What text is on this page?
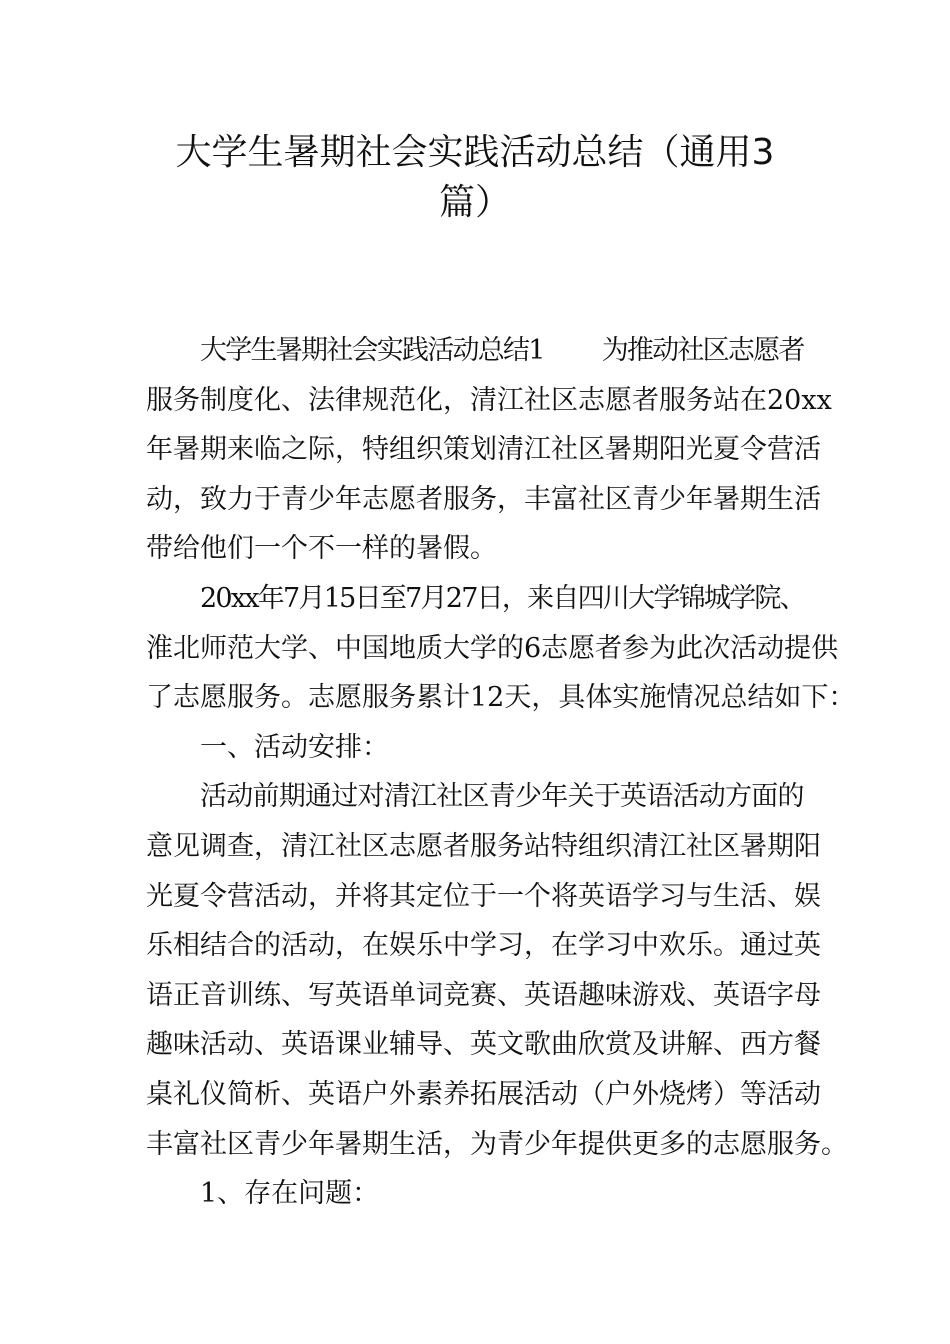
大学生暑期社会实践活动总结（通用3
篇）
大学生暑期社会实践活动总结1 为推动社区志愿者
服务制度化、法律规范化，清江社区志愿者服务站在20xx
年暑期来临之际，特组织策划清江社区暑期阳光夏令营活
动，致力于青少年志愿者服务，丰富社区青少年暑期生活
带给他们一个不一样的暑假。
20xx年7月15日至7月27日，来自四川大学锦城学院、
淮北师范大学、中国地质大学的6志愿者参为此次活动提供
了志愿服务。志愿服务累计12天，具体实施情况总结如下：
一、活动安排：
活动前期通过对清江社区青少年关于英语活动方面的
意见调查，清江社区志愿者服务站特组织清江社区暑期阳
光夏令营活动，并将其定位于一个将英语学习与生活、娱
乐相结合的活动，在娱乐中学习，在学习中欢乐。通过英
语正音训练、写英语单词竞赛、英语趣味游戏、英语字母
趣味活动、英语课业辅导、英文歌曲欣赏及讲解、西方餐
桌礼仪简析、英语户外素养拓展活动（户外烧烤）等活动
丰富社区青少年暑期生活，为青少年提供更多的志愿服务。
1、存在问题：
